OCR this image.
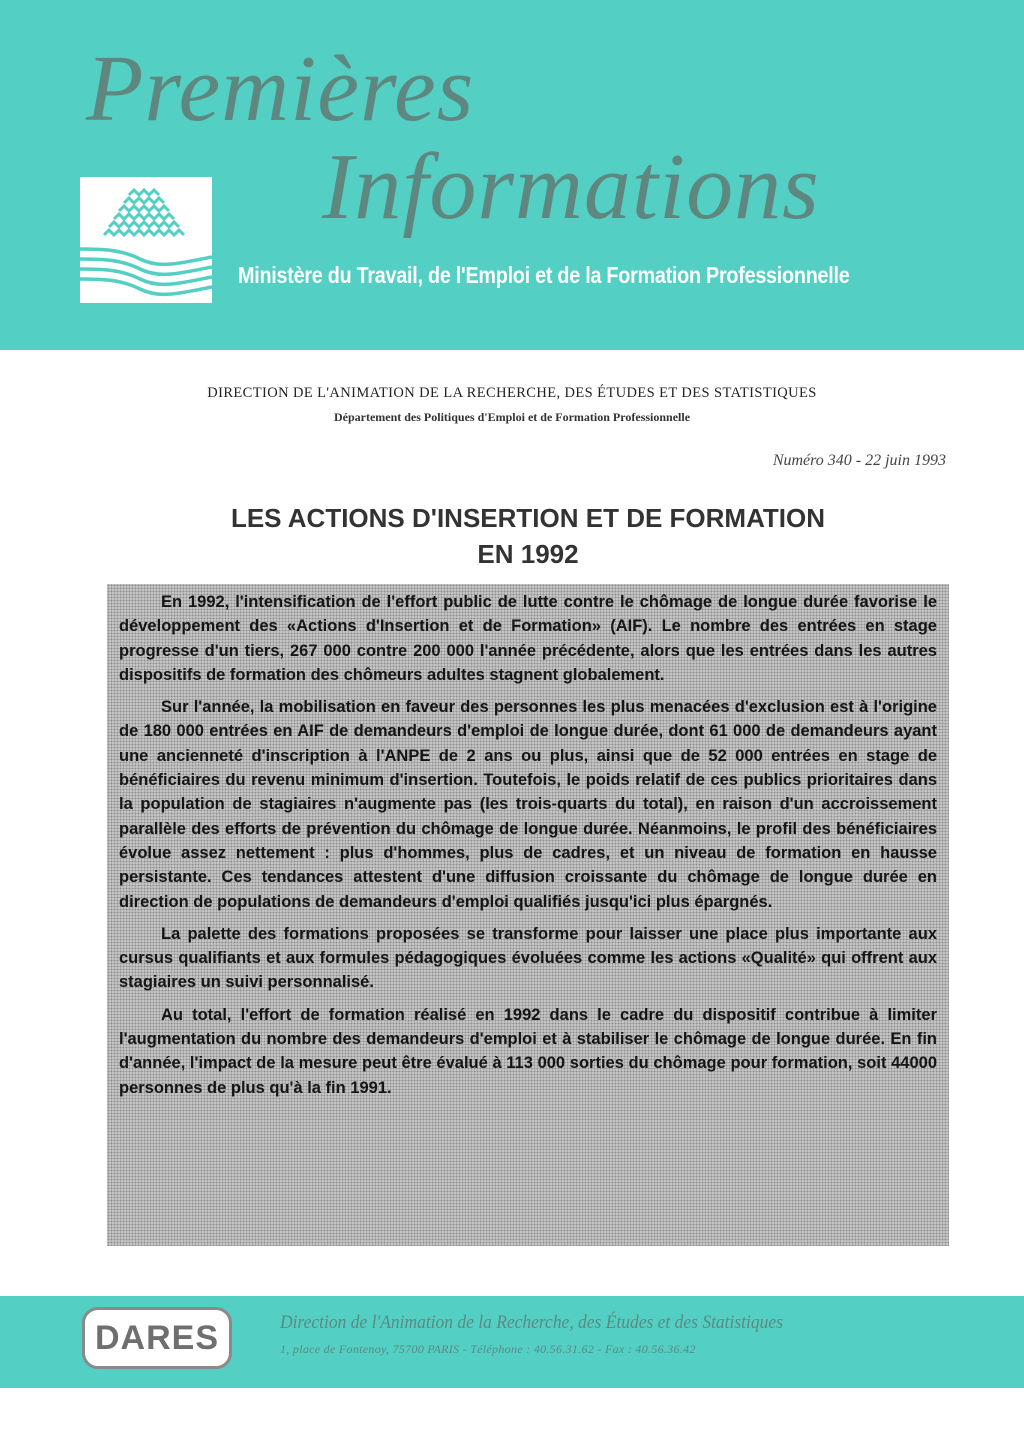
Premières
Informations
Ministère du Travail, de l'Emploi et de la Formation Professionnelle
DIRECTION DE L'ANIMATION DE LA RECHERCHE, DES ÉTUDES ET DES STATISTIQUES
Département des Politiques d'Emploi et de Formation Professionnelle
Numéro 340 - 22 juin 1993
LES ACTIONS D'INSERTION ET DE FORMATION
EN 1992

En 1992, l'intensification de l'effort public de lutte contre le chômage de longue durée favorise le développement des «Actions d'Insertion et de Formation» (AIF). Le nombre des entrées en stage progresse d'un tiers, 267 000 contre 200 000 l'année précédente, alors que les entrées dans les autres dispositifs de formation des chômeurs adultes stagnent globalement.

Sur l'année, la mobilisation en faveur des personnes les plus menacées d'exclusion est à l'origine de 180 000 entrées en AIF de demandeurs d'emploi de longue durée, dont 61 000 de demandeurs ayant une ancienneté d'inscription à l'ANPE de 2 ans ou plus, ainsi que de 52 000 entrées en stage de bénéficiaires du revenu minimum d'insertion. Toutefois, le poids relatif de ces publics prioritaires dans la population de stagiaires n'augmente pas (les trois-quarts du total), en raison d'un accroissement parallèle des efforts de prévention du chômage de longue durée. Néanmoins, le profil des bénéficiaires évolue assez nettement : plus d'hommes, plus de cadres, et un niveau de formation en hausse persistante. Ces tendances attestent d'une diffusion croissante du chômage de longue durée en direction de populations de demandeurs d'emploi qualifiés jusqu'ici plus épargnés.

La palette des formations proposées se transforme pour laisser une place plus importante aux cursus qualifiants et aux formules pédagogiques évoluées comme les actions «Qualité» qui offrent aux stagiaires un suivi personnalisé.

Au total, l'effort de formation réalisé en 1992 dans le cadre du dispositif contribue à limiter l'augmentation du nombre des demandeurs d'emploi et à stabiliser le chômage de longue durée. En fin d'année, l'impact de la mesure peut être évalué à 113 000 sorties du chômage pour formation, soit 44000 personnes de plus qu'à la fin 1991.

DARES	Direction de l'Animation de la Recherche, des Études et des Statistiques
1, place de Fontenoy, 75700 PARIS - Téléphone : 40.56.31.62 - Fax : 40.56.36.42
